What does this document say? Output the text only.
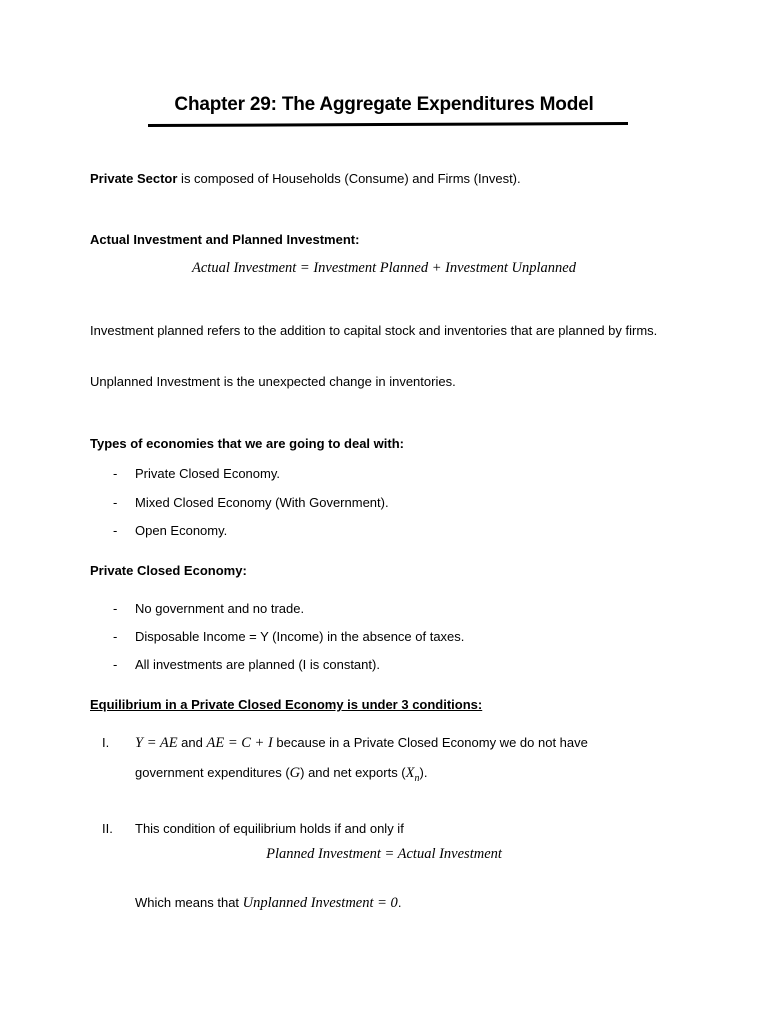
Chapter 29: The Aggregate Expenditures Model
Private Sector is composed of Households (Consume) and Firms (Invest).
Actual Investment and Planned Investment:
Actual Investment = Investment Planned + Investment Unplanned
Investment planned refers to the addition to capital stock and inventories that are planned by firms.
Unplanned Investment is the unexpected change in inventories.
Types of economies that we are going to deal with:
- Private Closed Economy.
- Mixed Closed Economy (With Government).
- Open Economy.
Private Closed Economy:
- No government and no trade.
- Disposable Income = Y (Income) in the absence of taxes.
- All investments are planned (I is constant).
Equilibrium in a Private Closed Economy is under 3 conditions:
I. Y = AE and AE = C + I because in a Private Closed Economy we do not have
government expenditures (G) and net exports $(X_n)$.
II. This condition of equilibrium holds if and only if
Planned Investment = Actual Investment
Which means that Unplanned Investment = 0.
